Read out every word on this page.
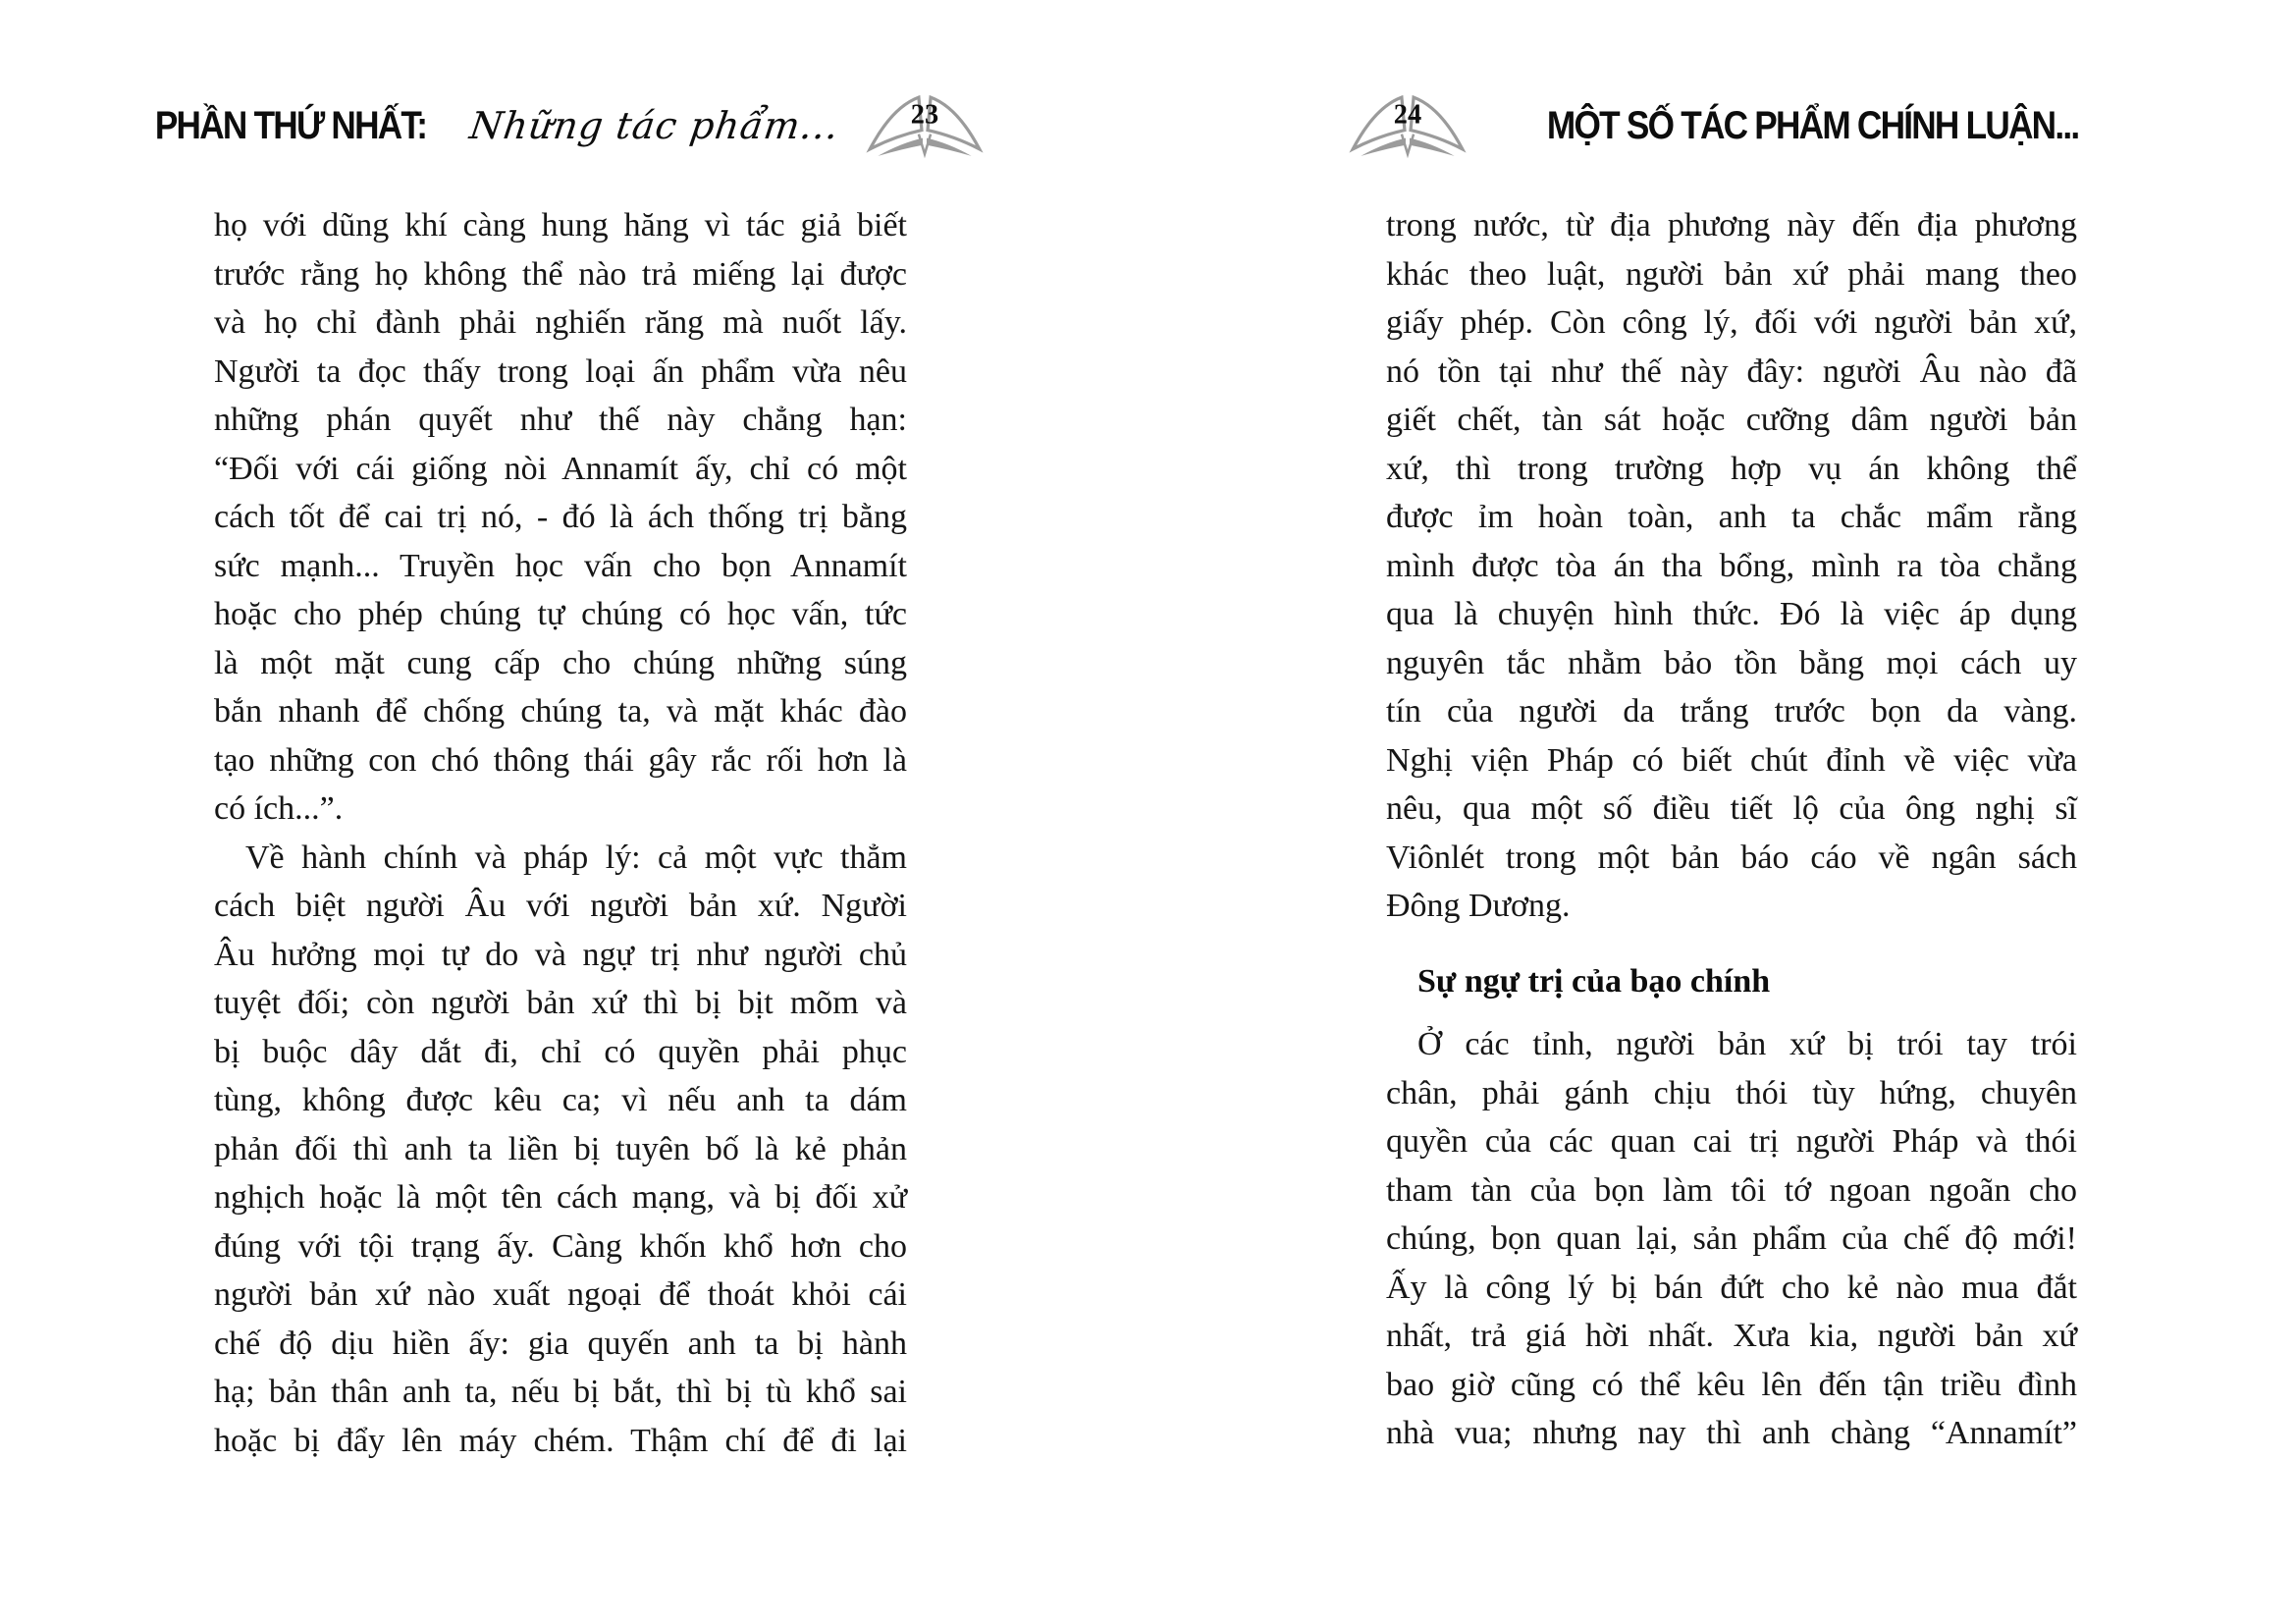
PHẦN THỨ NHẤT: Những tác phẩm... 23	24	MỘT SỐ TÁC PHẨM CHÍNH LUẬN...
họ với dũng khí càng hung hăng vì tác giả biết
trước rằng họ không thể nào trả miếng lại được
và họ chỉ đành phải nghiến răng mà nuốt lấy.
Người ta đọc thấy trong loại ấn phẩm vừa nêu
những phán quyết như thế này chẳng hạn:
“Đối với cái giống nòi Annamít ấy, chỉ có một
cách tốt để cai trị nó, - đó là ách thống trị bằng
sức mạnh... Truyền học vấn cho bọn Annamít
hoặc cho phép chúng tự chúng có học vấn, tức
là một mặt cung cấp cho chúng những súng
bắn nhanh để chống chúng ta, và mặt khác đào
tạo những con chó thông thái gây rắc rối hơn là
có ích...”.
Về hành chính và pháp lý: cả một vực thẳm
cách biệt người Âu với người bản xứ. Người
Âu hưởng mọi tự do và ngự trị như người chủ
tuyệt đối; còn người bản xứ thì bị bịt mõm và
bị buộc dây dắt đi, chỉ có quyền phải phục
tùng, không được kêu ca; vì nếu anh ta dám
phản đối thì anh ta liền bị tuyên bố là kẻ phản
nghịch hoặc là một tên cách mạng, và bị đối xử
đúng với tội trạng ấy. Càng khốn khổ hơn cho
người bản xứ nào xuất ngoại để thoát khỏi cái
chế độ dịu hiền ấy: gia quyến anh ta bị hành
hạ; bản thân anh ta, nếu bị bắt, thì bị tù khổ sai
hoặc bị đẩy lên máy chém. Thậm chí để đi lại
trong nước, từ địa phương này đến địa phương
khác theo luật, người bản xứ phải mang theo
giấy phép. Còn công lý, đối với người bản xứ,
nó tồn tại như thế này đây: người Âu nào đã
giết chết, tàn sát hoặc cưỡng dâm người bản
xứ, thì trong trường hợp vụ án không thể
được ỉm hoàn toàn, anh ta chắc mẩm rằng
mình được tòa án tha bổng, mình ra tòa chẳng
qua là chuyện hình thức. Đó là việc áp dụng
nguyên tắc nhằm bảo tồn bằng mọi cách uy
tín của người da trắng trước bọn da vàng.
Nghị viện Pháp có biết chút đỉnh về việc vừa
nêu, qua một số điều tiết lộ của ông nghị sĩ
Viônlét trong một bản báo cáo về ngân sách
Đông Dương.
Sự ngự trị của bạo chính
Ở các tỉnh, người bản xứ bị trói tay trói
chân, phải gánh chịu thói tùy hứng, chuyên
quyền của các quan cai trị người Pháp và thói
tham tàn của bọn làm tôi tớ ngoan ngoãn cho
chúng, bọn quan lại, sản phẩm của chế độ mới!
Ấy là công lý bị bán đứt cho kẻ nào mua đắt
nhất, trả giá hời nhất. Xưa kia, người bản xứ
bao giờ cũng có thể kêu lên đến tận triều đình
nhà vua; nhưng nay thì anh chàng “Annamít”
